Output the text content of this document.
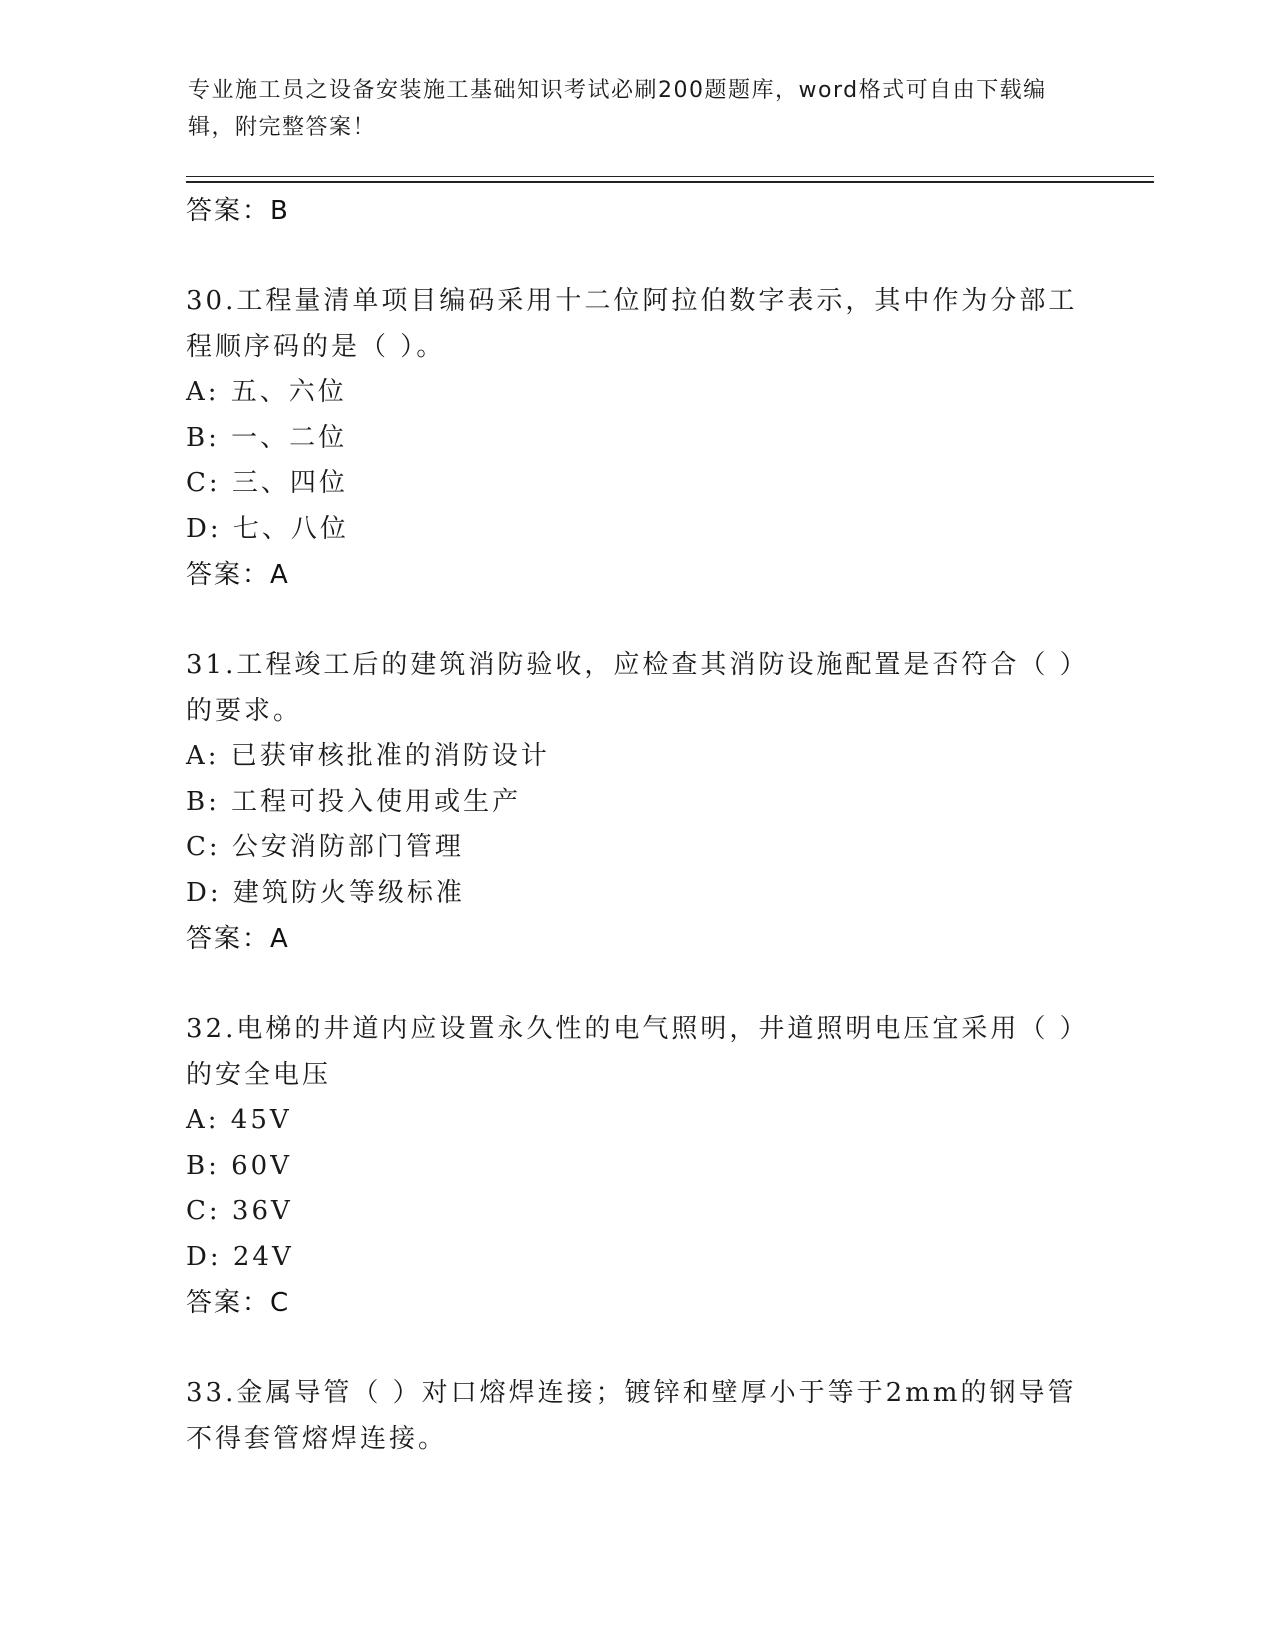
专业施工员之设备安装施工基础知识考试必刷200题题库，word格式可自由下载编辑，附完整答案！
答案：B
30.工程量清单项目编码采用十二位阿拉伯数字表示，其中作为分部工程顺序码的是（ ）。
A: 五、六位
B: 一、二位
C: 三、四位
D: 七、八位
答案：A
31.工程竣工后的建筑消防验收，应检查其消防设施配置是否符合（ ）的要求。
A: 已获审核批准的消防设计
B: 工程可投入使用或生产
C: 公安消防部门管理
D: 建筑防火等级标准
答案：A
32.电梯的井道内应设置永久性的电气照明，井道照明电压宜采用（ ）的安全电压
A: 45V
B: 60V
C: 36V
D: 24V
答案：C
33.金属导管（ ）对口熔焊连接；镀锌和壁厚小于等于2mm的钢导管不得套管熔焊连接。
